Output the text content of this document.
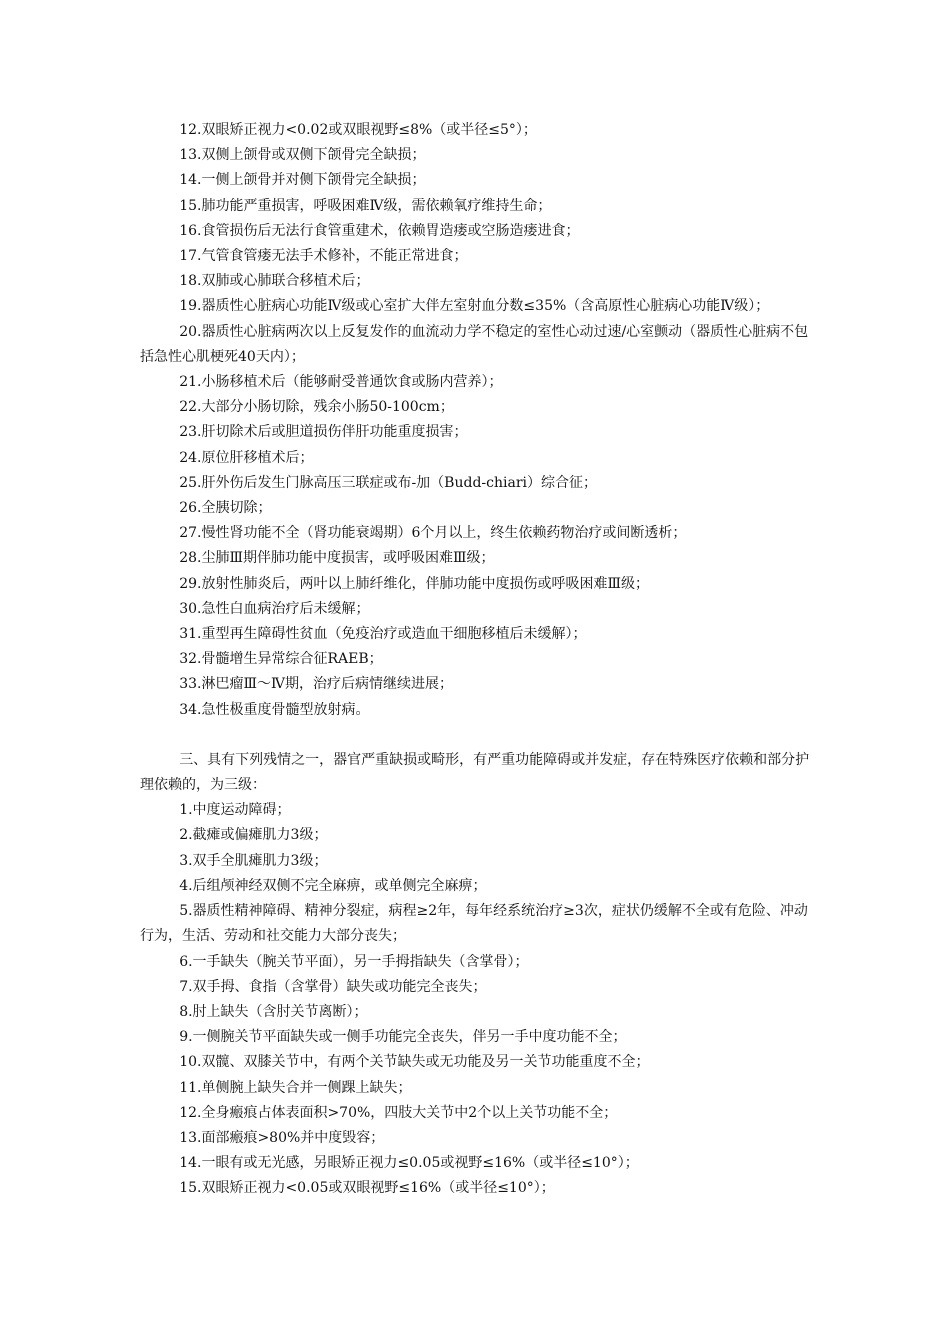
12.双眼矫正视力<0.02或双眼视野≤8%（或半径≤5°）；
13.双侧上颌骨或双侧下颌骨完全缺损；
14.一侧上颌骨并对侧下颌骨完全缺损；
15.肺功能严重损害，呼吸困难Ⅳ级，需依赖氧疗维持生命；
16.食管损伤后无法行食管重建术，依赖胃造瘘或空肠造瘘进食；
17.气管食管瘘无法手术修补，不能正常进食；
18.双肺或心肺联合移植术后；
19.器质性心脏病心功能Ⅳ级或心室扩大伴左室射血分数≤35%（含高原性心脏病心功能Ⅳ级）；
20.器质性心脏病两次以上反复发作的血流动力学不稳定的室性心动过速/心室颤动（器质性心脏病不包括急性心肌梗死40天内）；
21.小肠移植术后（能够耐受普通饮食或肠内营养）；
22.大部分小肠切除，残余小肠50-100cm；
23.肝切除术后或胆道损伤伴肝功能重度损害；
24.原位肝移植术后；
25.肝外伤后发生门脉高压三联症或布-加（Budd-chiari）综合征；
26.全胰切除；
27.慢性肾功能不全（肾功能衰竭期）6个月以上，终生依赖药物治疗或间断透析；
28.尘肺Ⅲ期伴肺功能中度损害，或呼吸困难Ⅲ级；
29.放射性肺炎后，两叶以上肺纤维化，伴肺功能中度损伤或呼吸困难Ⅲ级；
30.急性白血病治疗后未缓解；
31.重型再生障碍性贫血（免疫治疗或造血干细胞移植后未缓解）；
32.骨髓增生异常综合征RAEB；
33.淋巴瘤Ⅲ～Ⅳ期，治疗后病情继续进展；
34.急性极重度骨髓型放射病。
三、具有下列残情之一，器官严重缺损或畸形，有严重功能障碍或并发症，存在特殊医疗依赖和部分护理依赖的，为三级：
1.中度运动障碍；
2.截瘫或偏瘫肌力3级；
3.双手全肌瘫肌力3级；
4.后组颅神经双侧不完全麻痹，或单侧完全麻痹；
5.器质性精神障碍、精神分裂症，病程≥2年，每年经系统治疗≥3次，症状仍缓解不全或有危险、冲动行为，生活、劳动和社交能力大部分丧失；
6.一手缺失（腕关节平面），另一手拇指缺失（含掌骨）；
7.双手拇、食指（含掌骨）缺失或功能完全丧失；
8.肘上缺失（含肘关节离断）；
9.一侧腕关节平面缺失或一侧手功能完全丧失，伴另一手中度功能不全；
10.双髋、双膝关节中，有两个关节缺失或无功能及另一关节功能重度不全；
11.单侧腕上缺失合并一侧踝上缺失；
12.全身瘢痕占体表面积>70%，四肢大关节中2个以上关节功能不全；
13.面部瘢痕>80%并中度毁容；
14.一眼有或无光感，另眼矫正视力≤0.05或视野≤16%（或半径≤10°）；
15.双眼矫正视力<0.05或双眼视野≤16%（或半径≤10°）；
